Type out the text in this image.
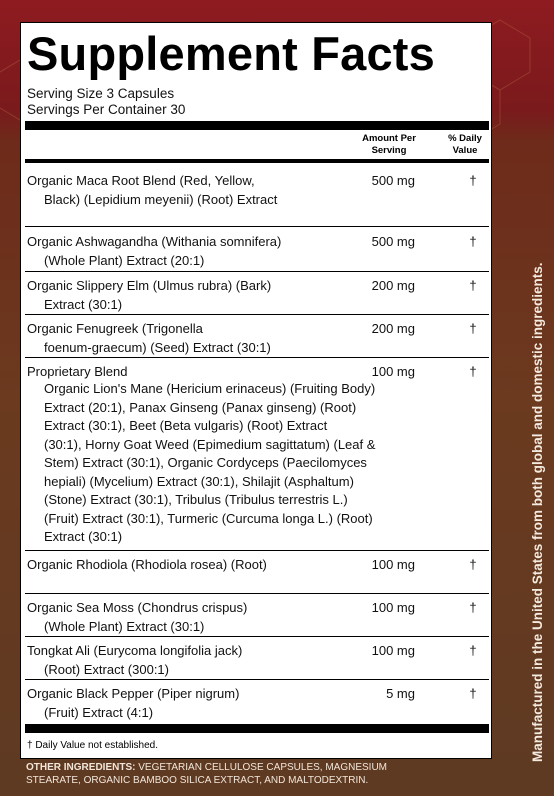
Supplement Facts
Serving Size 3 Capsules
Servings Per Container 30
Amount Per
Serving
% Daily
Value
Organic Maca Root Blend (Red, Yellow,
Black) (Lepidium meyenii) (Root) Extract
500 mg	†
Organic Ashwagandha (Withania somnifera)
(Whole Plant) Extract (20:1)
500 mg	†
Organic Slippery Elm (Ulmus rubra) (Bark)
Extract (30:1)
200 mg	†
Organic Fenugreek (Trigonella
foenum-graecum) (Seed) Extract (30:1)
200 mg	†
Proprietary Blend	100 mg	†
Organic Lion's Mane (Hericium erinaceus) (Fruiting Body)
Extract (20:1), Panax Ginseng (Panax ginseng) (Root)
Extract (30:1), Beet (Beta vulgaris) (Root) Extract
(30:1), Horny Goat Weed (Epimedium sagittatum) (Leaf &
Stem) Extract (30:1), Organic Cordyceps (Paecilomyces
hepiali) (Mycelium) Extract (30:1), Shilajit (Asphaltum)
(Stone) Extract (30:1), Tribulus (Tribulus terrestris L.)
(Fruit) Extract (30:1), Turmeric (Curcuma longa L.) (Root)
Extract (30:1)
Organic Rhodiola (Rhodiola rosea) (Root)	100 mg	†
Organic Sea Moss (Chondrus crispus)
(Whole Plant) Extract (30:1)
100 mg	†
Tongkat Ali (Eurycoma longifolia jack)
(Root) Extract (300:1)
100 mg	†
Organic Black Pepper (Piper nigrum)
(Fruit) Extract (4:1)
5 mg	†
† Daily Value not established.
OTHER INGREDIENTS: VEGETARIAN CELLULOSE CAPSULES, MAGNESIUM
STEARATE, ORGANIC BAMBOO SILICA EXTRACT, AND MALTODEXTRIN.
Manufactured in the United States from both global and domestic ingredients.
